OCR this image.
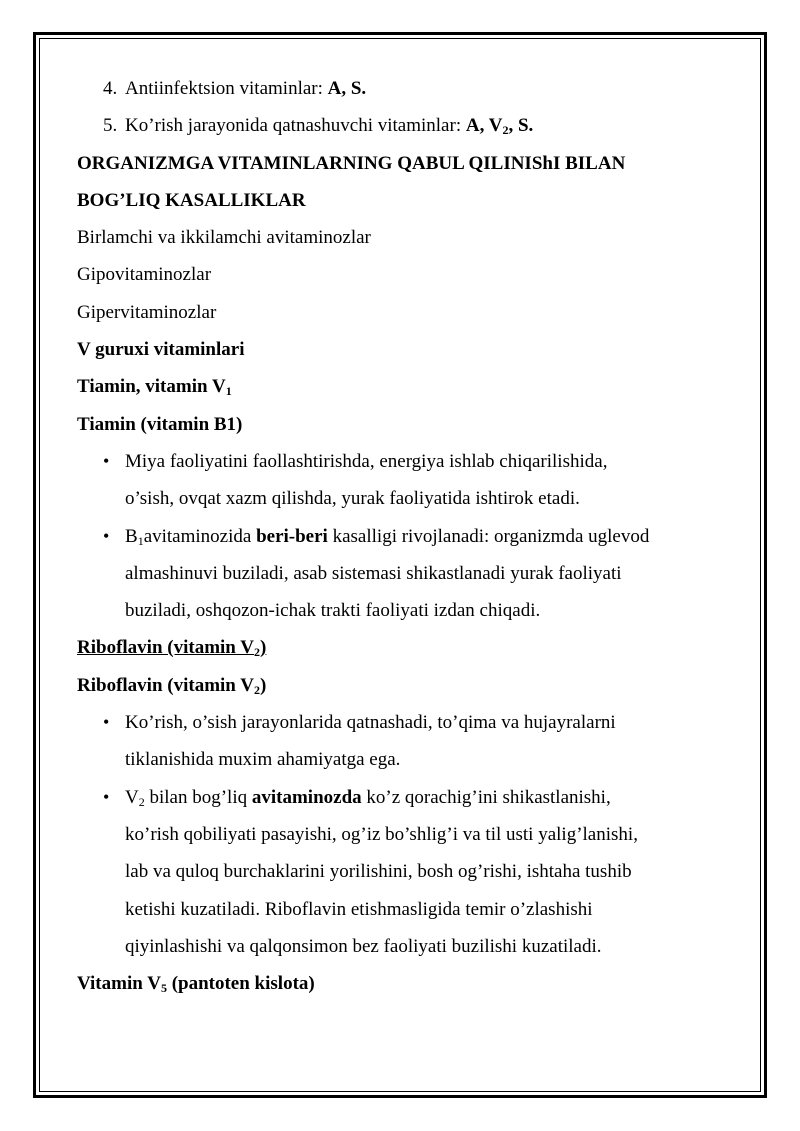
4. Antiinfektsion vitaminlar: A, S.
5. Ko’rish jarayonida qatnashuvchi vitaminlar: A, $V_2$, S.
ORGANIZMGA VITAMINLARNING QABUL QILINIShI BILAN
BOG’LIQ KASALLIKLAR
Birlamchi va ikkilamchi avitaminozlar
Gipovitaminozlar
Gipervitaminozlar
V guruxi vitaminlari
Tiamin, vitamin $V_1$
Tiamin (vitamin B1)
• Miya faoliyatini faollashtirishda, energiya ishlab chiqarilishida,
o’sish, ovqat xazm qilishda, yurak faoliyatida ishtirok etadi.
• $B_1avitaminozida$ beri-beri kasalligi rivojlanadi: organizmda uglevod
almashinuvi buziladi, asab sistemasi shikastlanadi yurak faoliyati
buziladi, oshqozon-ichak trakti faoliyati izdan chiqadi.
Riboflavin (vitamin $V_2$)
Riboflavin (vitamin $V_2$)
• Ko’rish, o’sish jarayonlarida qatnashadi, to’qima va hujayralarni
tiklanishida muxim ahamiyatga ega.
• $V_2$ bilan bog’liq avitaminozda ko’z qorachig’ini shikastlanishi,
ko’rish qobiliyati pasayishi, og’iz bo’shlig’i va til usti yalig’lanishi,
lab va quloq burchaklarini yorilishini, bosh og’rishi, ishtaha tushib
ketishi kuzatiladi. Riboflavin etishmasligida temir o’zlashishi
qiyinlashishi va qalqonsimon bez faoliyati buzilishi kuzatiladi.
Vitamin $V_5$ (pantoten kislota)
